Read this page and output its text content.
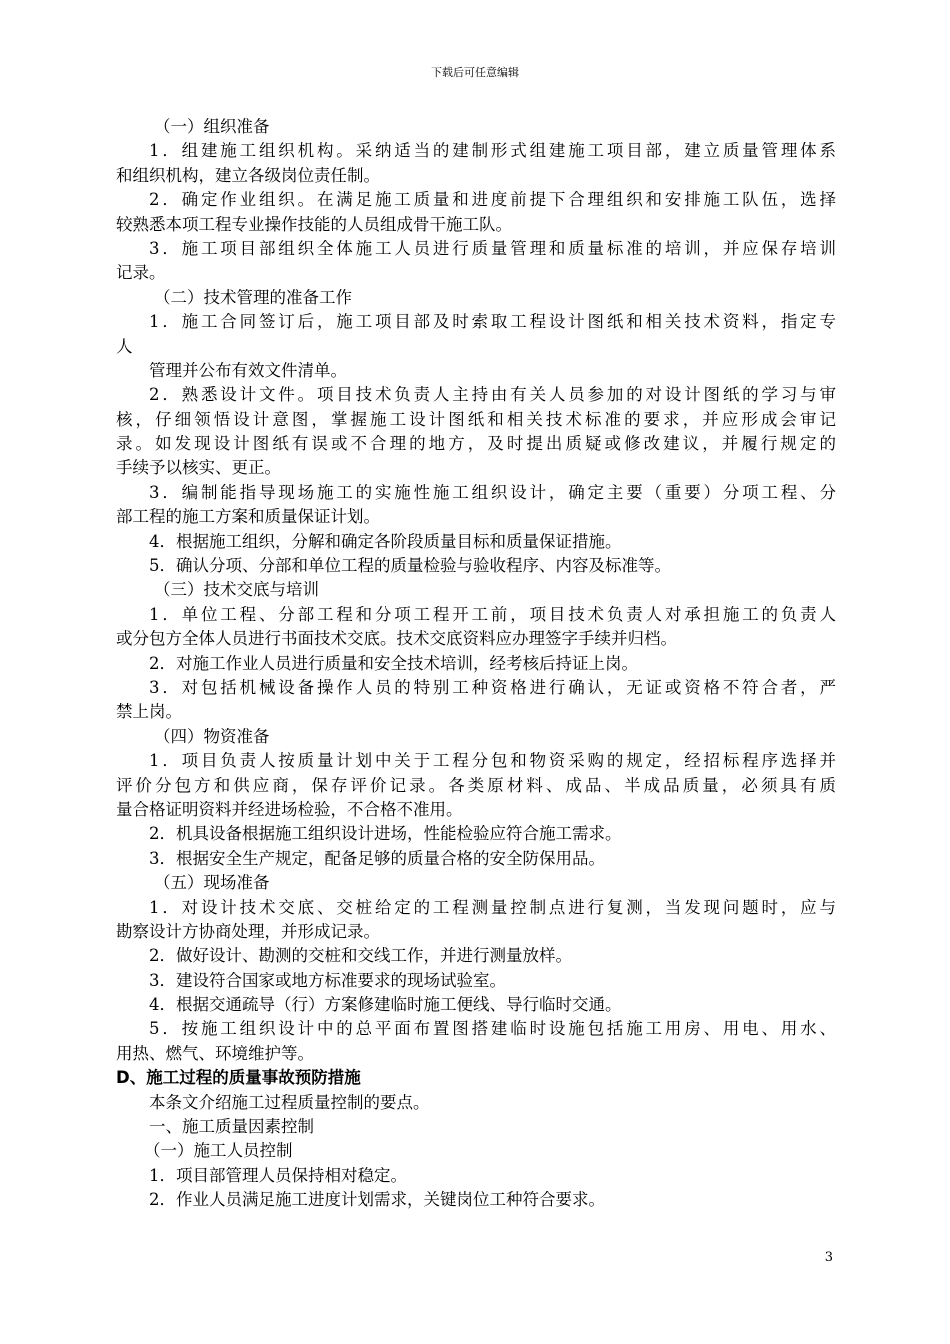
下载后可任意编辑
（一）组织准备
1．组建施工组织机构。采纳适当的建制形式组建施工项目部，建立质量管理体系
和组织机构，建立各级岗位责任制。
2．确定作业组织。在满足施工质量和进度前提下合理组织和安排施工队伍，选择
较熟悉本项工程专业操作技能的人员组成骨干施工队。
3．施工项目部组织全体施工人员进行质量管理和质量标准的培训，并应保存培训
记录。
（二）技术管理的准备工作
1．施工合同签订后，施工项目部及时索取工程设计图纸和相关技术资料，指定专
人
管理并公布有效文件清单。
2．熟悉设计文件。项目技术负责人主持由有关人员参加的对设计图纸的学习与审
核，仔细领悟设计意图，掌握施工设计图纸和相关技术标准的要求，并应形成会审记
录。如发现设计图纸有误或不合理的地方，及时提出质疑或修改建议，并履行规定的
手续予以核实、更正。
3．编制能指导现场施工的实施性施工组织设计，确定主要（重要）分项工程、分
部工程的施工方案和质量保证计划。
4．根据施工组织，分解和确定各阶段质量目标和质量保证措施。
5．确认分项、分部和单位工程的质量检验与验收程序、内容及标准等。
（三）技术交底与培训
1．单位工程、分部工程和分项工程开工前，项目技术负责人对承担施工的负责人
或分包方全体人员进行书面技术交底。技术交底资料应办理签字手续并归档。
2．对施工作业人员进行质量和安全技术培训，经考核后持证上岗。
3．对包括机械设备操作人员的特别工种资格进行确认，无证或资格不符合者，严
禁上岗。
（四）物资准备
1．项目负责人按质量计划中关于工程分包和物资采购的规定，经招标程序选择并
评价分包方和供应商，保存评价记录。各类原材料、成品、半成品质量，必须具有质
量合格证明资料并经进场检验，不合格不准用。
2．机具设备根据施工组织设计进场，性能检验应符合施工需求。
3．根据安全生产规定，配备足够的质量合格的安全防保用品。
（五）现场准备
1．对设计技术交底、交桩给定的工程测量控制点进行复测，当发现问题时，应与
勘察设计方协商处理，并形成记录。
2．做好设计、勘测的交桩和交线工作，并进行测量放样。
3．建设符合国家或地方标准要求的现场试验室。
4．根据交通疏导（行）方案修建临时施工便线、导行临时交通。
5．按施工组织设计中的总平面布置图搭建临时设施包括施工用房、用电、用水、
用热、燃气、环境维护等。
D、施工过程的质量事故预防措施
本条文介绍施工过程质量控制的要点。
一、施工质量因素控制
（一）施工人员控制
1．项目部管理人员保持相对稳定。
2．作业人员满足施工进度计划需求，关键岗位工种符合要求。
3
